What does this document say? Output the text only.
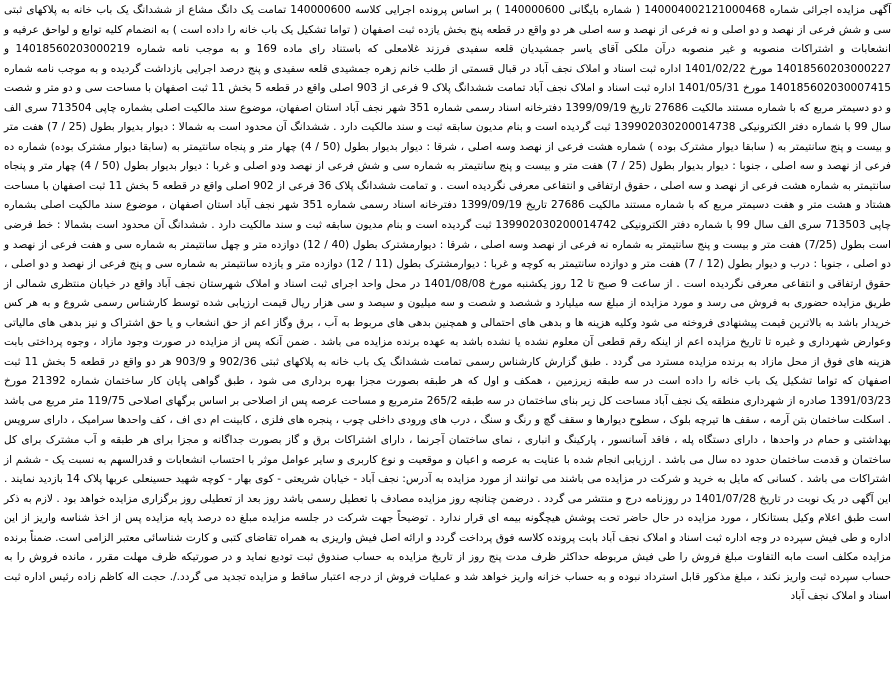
آگهی مزایده اجرائی شماره 140004002121000468 ( شماره بایگانی 140000600 ) بر اساس پرونده اجرایی کلاسه 140000600 تمامت یک دانگ مشاع از ششدانگ یک باب خانه به پلاکهای ثبتی سی و شش فرعی از نهصد و دو اصلی و نه فرعی از نهصد و سه اصلی هر دو واقع در قطعه پنج بخش یازده ثبت اصفهان ( تواما تشکیل یک باب خانه را داده است ) به انضمام کلیه توابع و لواحق عرفیه و انشعابات و اشتراکات منصوبه و غیر منصوبه درآن ملکی آقای یاسر جمشیدیان قلعه سفیدی فرزند غلامعلی که باستناد رای ماده 169 و به موجب نامه شماره 14018560203000219 و 14018560203000227 مورخ 1401/02/22 اداره ثبت اسناد و املاک نجف آباد در قبال قسمتی از طلب خانم زهره جمشیدی قلعه سفیدی و پنج درصد اجرایی بازداشت گردیده و به موجب نامه شماره 140185602030007415 مورخ 1401/05/31 اداره ثبت اسناد و املاک نجف آباد تمامت ششدانگ پلاک 9 فرعی از 903 اصلی واقع در قطعه 5 بخش 11 ثبت اصفهان با مساحت سی و دو متر و شصت و دو دسیمتر مربع که با شماره مستند مالکیت 27686 تاریخ 1399/09/19 دفترخانه اسناد رسمی شماره 351 شهر نجف آباد استان اصفهان، موضوع سند مالکیت اصلی بشماره چاپی 713504 سری الف سال 99 با شماره دفتر الکترونیکی 139902030200014738 ثبت گردیده است و بنام مدیون سابقه ثبت و سند مالکیت دارد . ششدانگ آن محدود است به شمالا : دیوار بدیوار بطول (25 / 7) هفت متر و بیست و پنج سانتیمتر به ( سابقا دیوار مشترک بوده ) شماره هشت فرعی از نهصد وسه اصلی ، شرقا : دیوار بدیوار بطول (50 / 4) چهار متر و پنجاه سانتیمتر به (سابقا دیوار مشترک بوده) شماره ده فرعی از نهصد و سه اصلی ، جنوبا : دیوار بدیوار بطول (25 / 7) هفت متر و بیست و پنج سانتیمتر به شماره سی و شش فرعی از نهصد ودو اصلی و غربا : دیوار بدیوار بطول (50 / 4) چهار متر و پنجاه سانتیمتر به شماره هشت فرعی از نهصد و سه اصلی ، حقوق ارتفاقی و انتفاعی معرفی نگردیده است . و تمامت ششدانگ پلاک 36 فرعی از 902 اصلی واقع در قطعه 5 بخش 11 ثبت اصفهان با مساحت هشتاد و هشت متر و هفت دسیمتر مربع که با شماره مستند مالکیت 27686 تاریخ 1399/09/19 دفترخانه اسناد رسمی شماره 351 شهر نجف آباد استان اصفهان ، موضوع سند مالکیت اصلی بشماره چاپی 713503 سری الف سال 99 با شماره دفتر الکترونیکی 139902030200014742 ثبت گردیده است و بنام مدیون سابقه ثبت و سند مالکیت دارد . ششدانگ آن محدود است بشمالا : خط فرضی است بطول (7/25) هفت متر و بیست و پنج سانتیمتر به شماره نه فرعی از نهصد وسه اصلی ، شرقا : دیوارمشترک بطول (40 / 12) دوازده متر و چهل سانتیمتر به شماره سی و هفت فرعی از نهصد و دو اصلی ، جنوبا : درب و دیوار بطول (12 / 7) هفت متر و دوازده سانتیمتر به کوچه و غربا : دیوارمشترک بطول (11 / 12) دوازده متر و یازده سانتیمتر به شماره سی و پنج فرعی از نهصد و دو اصلی ، حقوق ارتفاقی و انتفاعی معرفی نگردیده است . از ساعت 9 صبح تا 12 روز یکشنبه مورخ 1401/08/08 در محل واحد اجرای ثبت اسناد و املاک شهرستان نجف آباد واقع در خیابان منتظری شمالی از طریق مزایده حضوری به فروش می رسد و مورد مزایده از مبلغ سه میلیارد و ششصد و شصت و سه میلیون و سیصد و سی هزار ریال قیمت ارزیابی شده توسط کارشناس رسمی شروع و به هر کس خریدار باشد به بالاترین قیمت پیشنهادی فروخته می شود وکلیه هزینه ها و بدهی های احتمالی و همچنین بدهی های مربوط به آب ، برق وگاز اعم از حق انشعاب و یا حق اشتراک و نیز بدهی های مالیاتی وعوارض شهرداری و غیره تا تاریخ مزایده اعم از اینکه رقم قطعی آن معلوم نشده یا نشده باشد به عهده برنده مزایده می باشد . ضمن آنکه پس از مزایده در صورت وجود مازاد ، وجوه پرداختی بابت هزینه های فوق از محل مازاد به برنده مزایده مسترد می گردد . طبق گزارش کارشناس رسمی تمامت ششدانگ یک باب خانه به پلاکهای ثبتی 902/36 و 903/9 هر دو واقع در قطعه 5 بخش 11 ثبت اصفهان که تواما تشکیل یک باب خانه را داده است در سه طبقه زیرزمین ، همکف و اول که هر طبقه بصورت مجزا بهره برداری می شود ، طبق گواهی پایان کار ساختمان شماره 21392 مورخ 1391/03/23 صادره از شهرداری منطقه یک نجف آباد مساحت کل زیر بنای ساختمان در سه طبقه 265/2 مترمربع و مساحت عرصه پس از اصلاحی بر اساس برگهای اصلاحی 119/75 متر مربع می باشد . اسکلت ساختمان بتن آرمه ، سقف ها تیرچه بلوک ، سطوح دیوارها و سقف گچ و رنگ و سنگ ، درب های ورودی داخلی چوب ، پنجره های فلزی ، کابینت ام دی اف ، کف واحدها سرامیک ، دارای سرویس بهداشتی و حمام در واحدها ، دارای دستگاه پله ، فاقد آسانسور ، پارکینگ و انباری ، نمای ساختمان آجرنما ، دارای اشتراکات برق و گاز بصورت جداگانه و مجزا برای هر طبقه و آب مشترک برای کل ساختمان و قدمت ساختمان حدود ده سال می باشد . ارزیابی انجام شده با عنایت به عرصه و اعیان و موقعیت و نوع کاربری و سایر عوامل موثر با احتساب انشعابات و قدرالسهم به نسبت یک - ششم از اشتراکات می باشد . کسانی که مایل به خرید و شرکت در مزایده می باشند می توانند از مورد مزایده به آدرس: نجف آباد - خیابان شریعتی - کوی بهار - کوچه شهید حسینعلی عربها پلاک 14 بازدید نمایند . این آگهی در یک نوبت در تاریخ 1401/07/28 در روزنامه درج و منتشر می گردد . درضمن چنانچه روز مزایده مصادف با تعطیل رسمی باشد روز بعد از تعطیلی روز برگزاری مزایده خواهد بود . لازم به ذکر است طبق اعلام وکیل بستانکار ، مورد مزایده در حال حاضر تحت پوشش هیچگونه بیمه ای قرار ندارد . توضیحاً جهت شرکت در جلسه مزایده مبلغ ده درصد پایه مزایده پس از اخذ شناسه واریز از این اداره و طی فیش سپرده در وجه اداره ثبت اسناد و املاک نجف آباد بابت پرونده کلاسه فوق پرداخت گردد و ارائه اصل فیش واریزی به همراه تقاضای کتبی و کارت شناسائی معتبر الزامی است. ضمناً برنده مزایده مکلف است مابه التفاوت مبلغ فروش را طی فیش مربوطه حداکثر ظرف مدت پنج روز از تاریخ مزایده به حساب صندوق ثبت تودیع نماید و در صورتیکه ظرف مهلت مقرر ، مانده فروش را به حساب سپرده ثبت واریز نکند ، مبلغ مذکور قابل استرداد نبوده و به حساب خزانه واریز خواهد شد و عملیات فروش از درجه اعتبار ساقط و مزایده تجدید می گردد./. حجت اله کاظم زاده رئیس اداره ثبت اسناد و املاک نجف آباد
